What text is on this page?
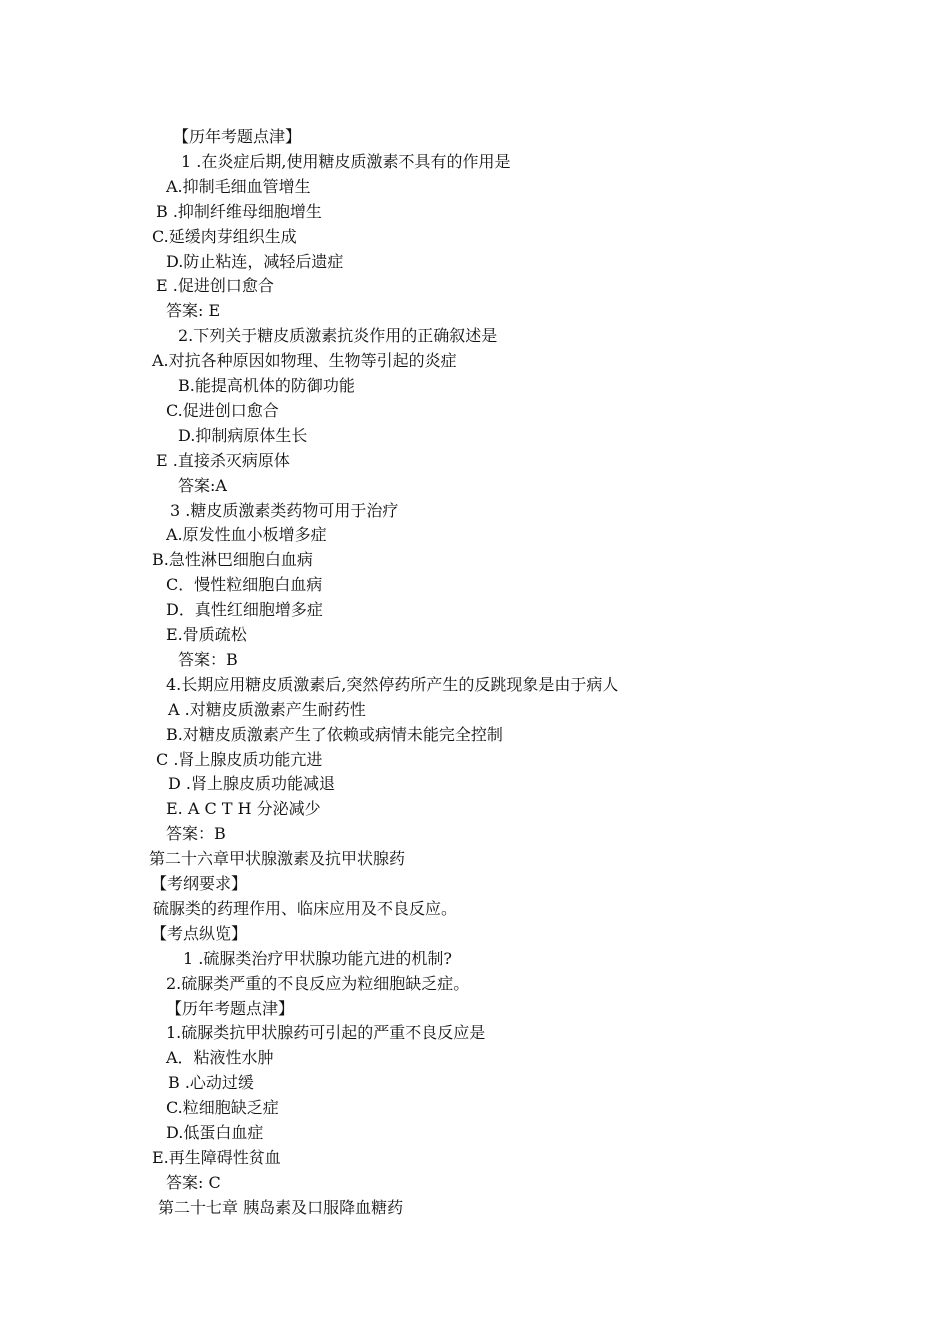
【历年考题点津】
1 .在炎症后期,使用糖皮质激素不具有的作用是
A.抑制毛细血管增生
B .抑制纤维母细胞增生
C.延缓肉芽组织生成
D.防止粘连，减轻后遗症
E .促进创口愈合
答案: E
2.下列关于糖皮质激素抗炎作用的正确叙述是
A.对抗各种原因如物理、生物等引起的炎症
B.能提高机体的防御功能
C.促进创口愈合
D.抑制病原体生长
E .直接杀灭病原体
答案:A
3 .糖皮质激素类药物可用于治疗
A.原发性血小板增多症
B.急性淋巴细胞白血病
C．慢性粒细胞白血病
D．真性红细胞增多症
E.骨质疏松
答案：B
4.长期应用糖皮质激素后,突然停药所产生的反跳现象是由于病人
A .对糖皮质激素产生耐药性
B.对糖皮质激素产生了依赖或病情未能完全控制
C .肾上腺皮质功能亢进
D .肾上腺皮质功能减退
E. A C T H 分泌减少
答案：B
第二十六章甲状腺激素及抗甲状腺药
【考纲要求】
硫脲类的药理作用、临床应用及不良反应。
【考点纵览】
1 .硫脲类治疗甲状腺功能亢进的机制?
2.硫脲类严重的不良反应为粒细胞缺乏症。
【历年考题点津】
1.硫脲类抗甲状腺药可引起的严重不良反应是
A．粘液性水肿
B .心动过缓
C.粒细胞缺乏症
D.低蛋白血症
E.再生障碍性贫血
答案: C
第二十七章 胰岛素及口服降血糖药
